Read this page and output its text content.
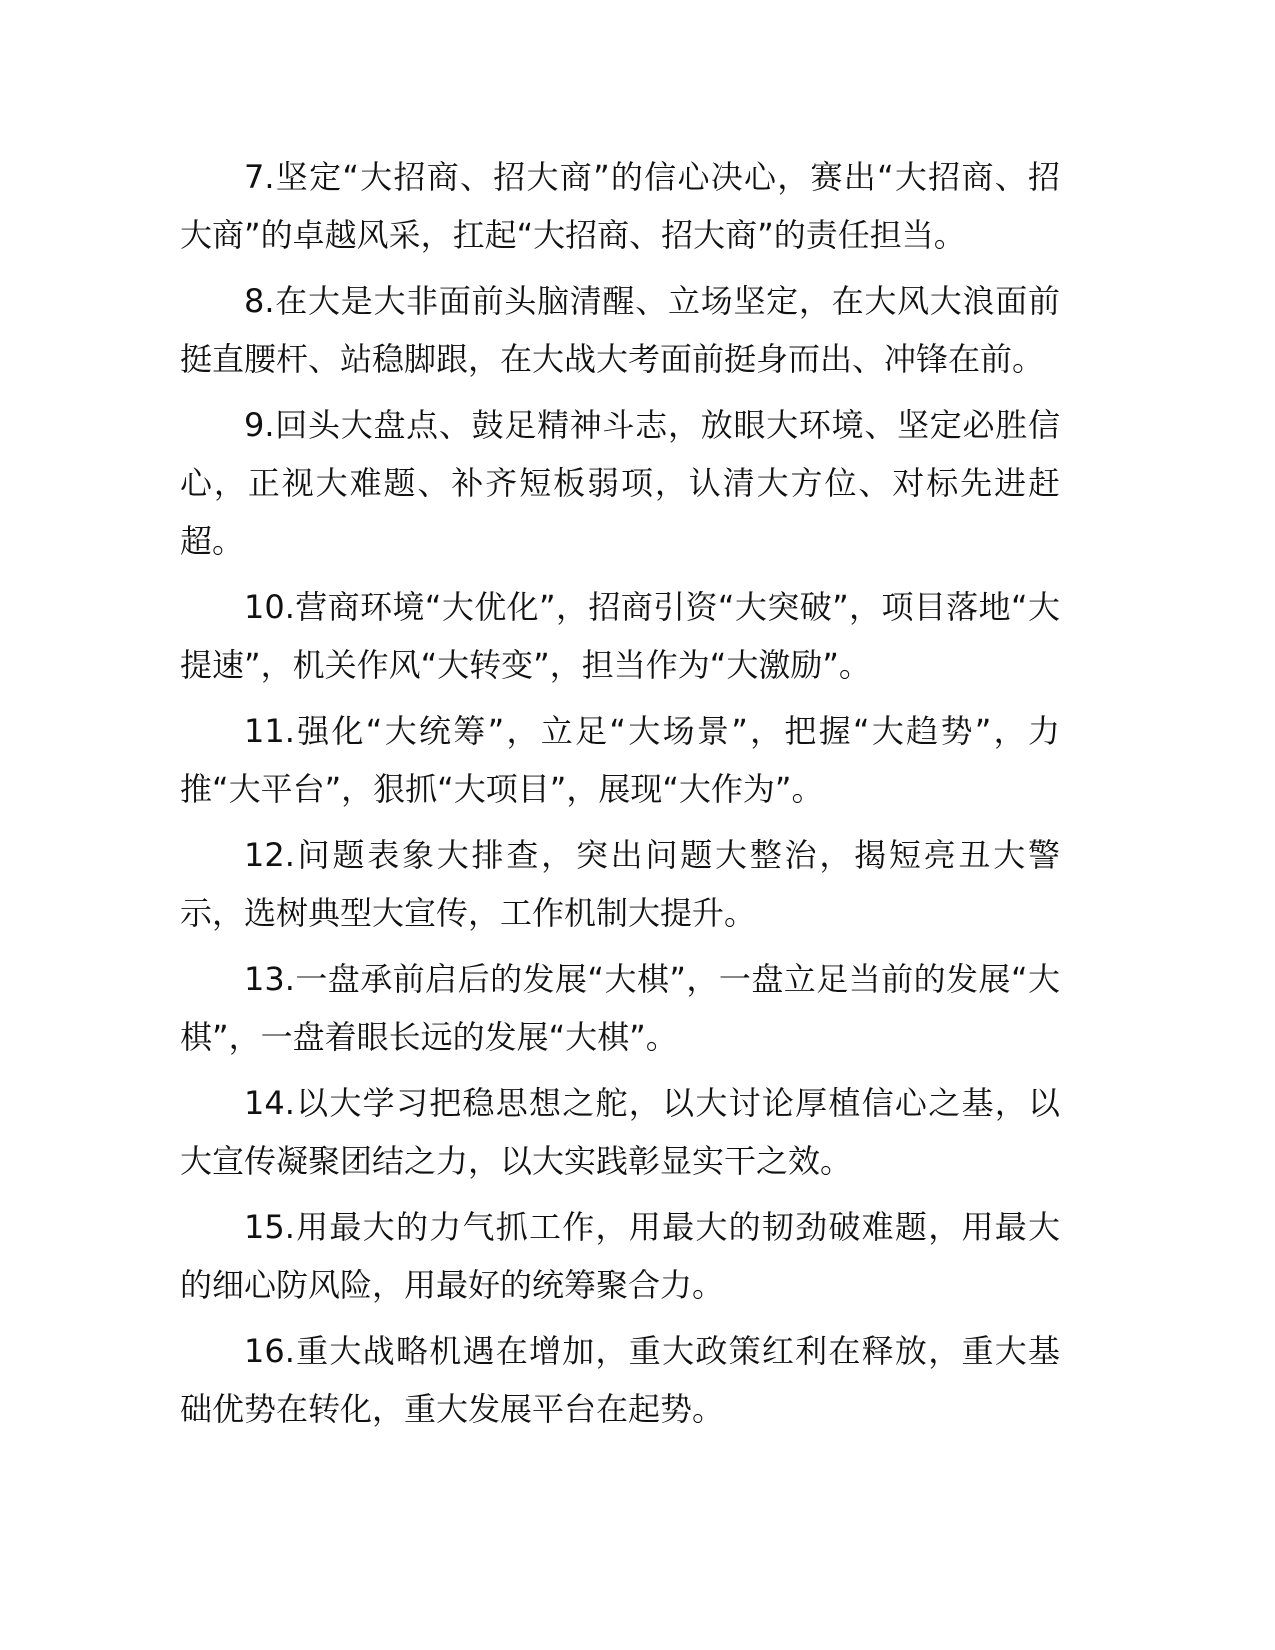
7.坚定“大招商、招大商”的信心决心，赛出“大招商、招大商”的卓越风采，扛起“大招商、招大商”的责任担当。

8.在大是大非面前头脑清醒、立场坚定，在大风大浪面前挺直腰杆、站稳脚跟，在大战大考面前挺身而出、冲锋在前。

9.回头大盘点、鼓足精神斗志，放眼大环境、坚定必胜信心，正视大难题、补齐短板弱项，认清大方位、对标先进赶超。

10.营商环境“大优化”，招商引资“大突破”，项目落地“大提速”，机关作风“大转变”，担当作为“大激励”。

11.强化“大统筹”，立足“大场景”，把握“大趋势”，力推“大平台”，狠抓“大项目”，展现“大作为”。

12.问题表象大排查，突出问题大整治，揭短亮丑大警示，选树典型大宣传，工作机制大提升。

13.一盘承前启后的发展“大棋”，一盘立足当前的发展“大棋”，一盘着眼长远的发展“大棋”。

14.以大学习把稳思想之舵，以大讨论厚植信心之基，以大宣传凝聚团结之力，以大实践彰显实干之效。

15.用最大的力气抓工作，用最大的韧劲破难题，用最大的细心防风险，用最好的统筹聚合力。

16.重大战略机遇在增加，重大政策红利在释放，重大基础优势在转化，重大发展平台在起势。
